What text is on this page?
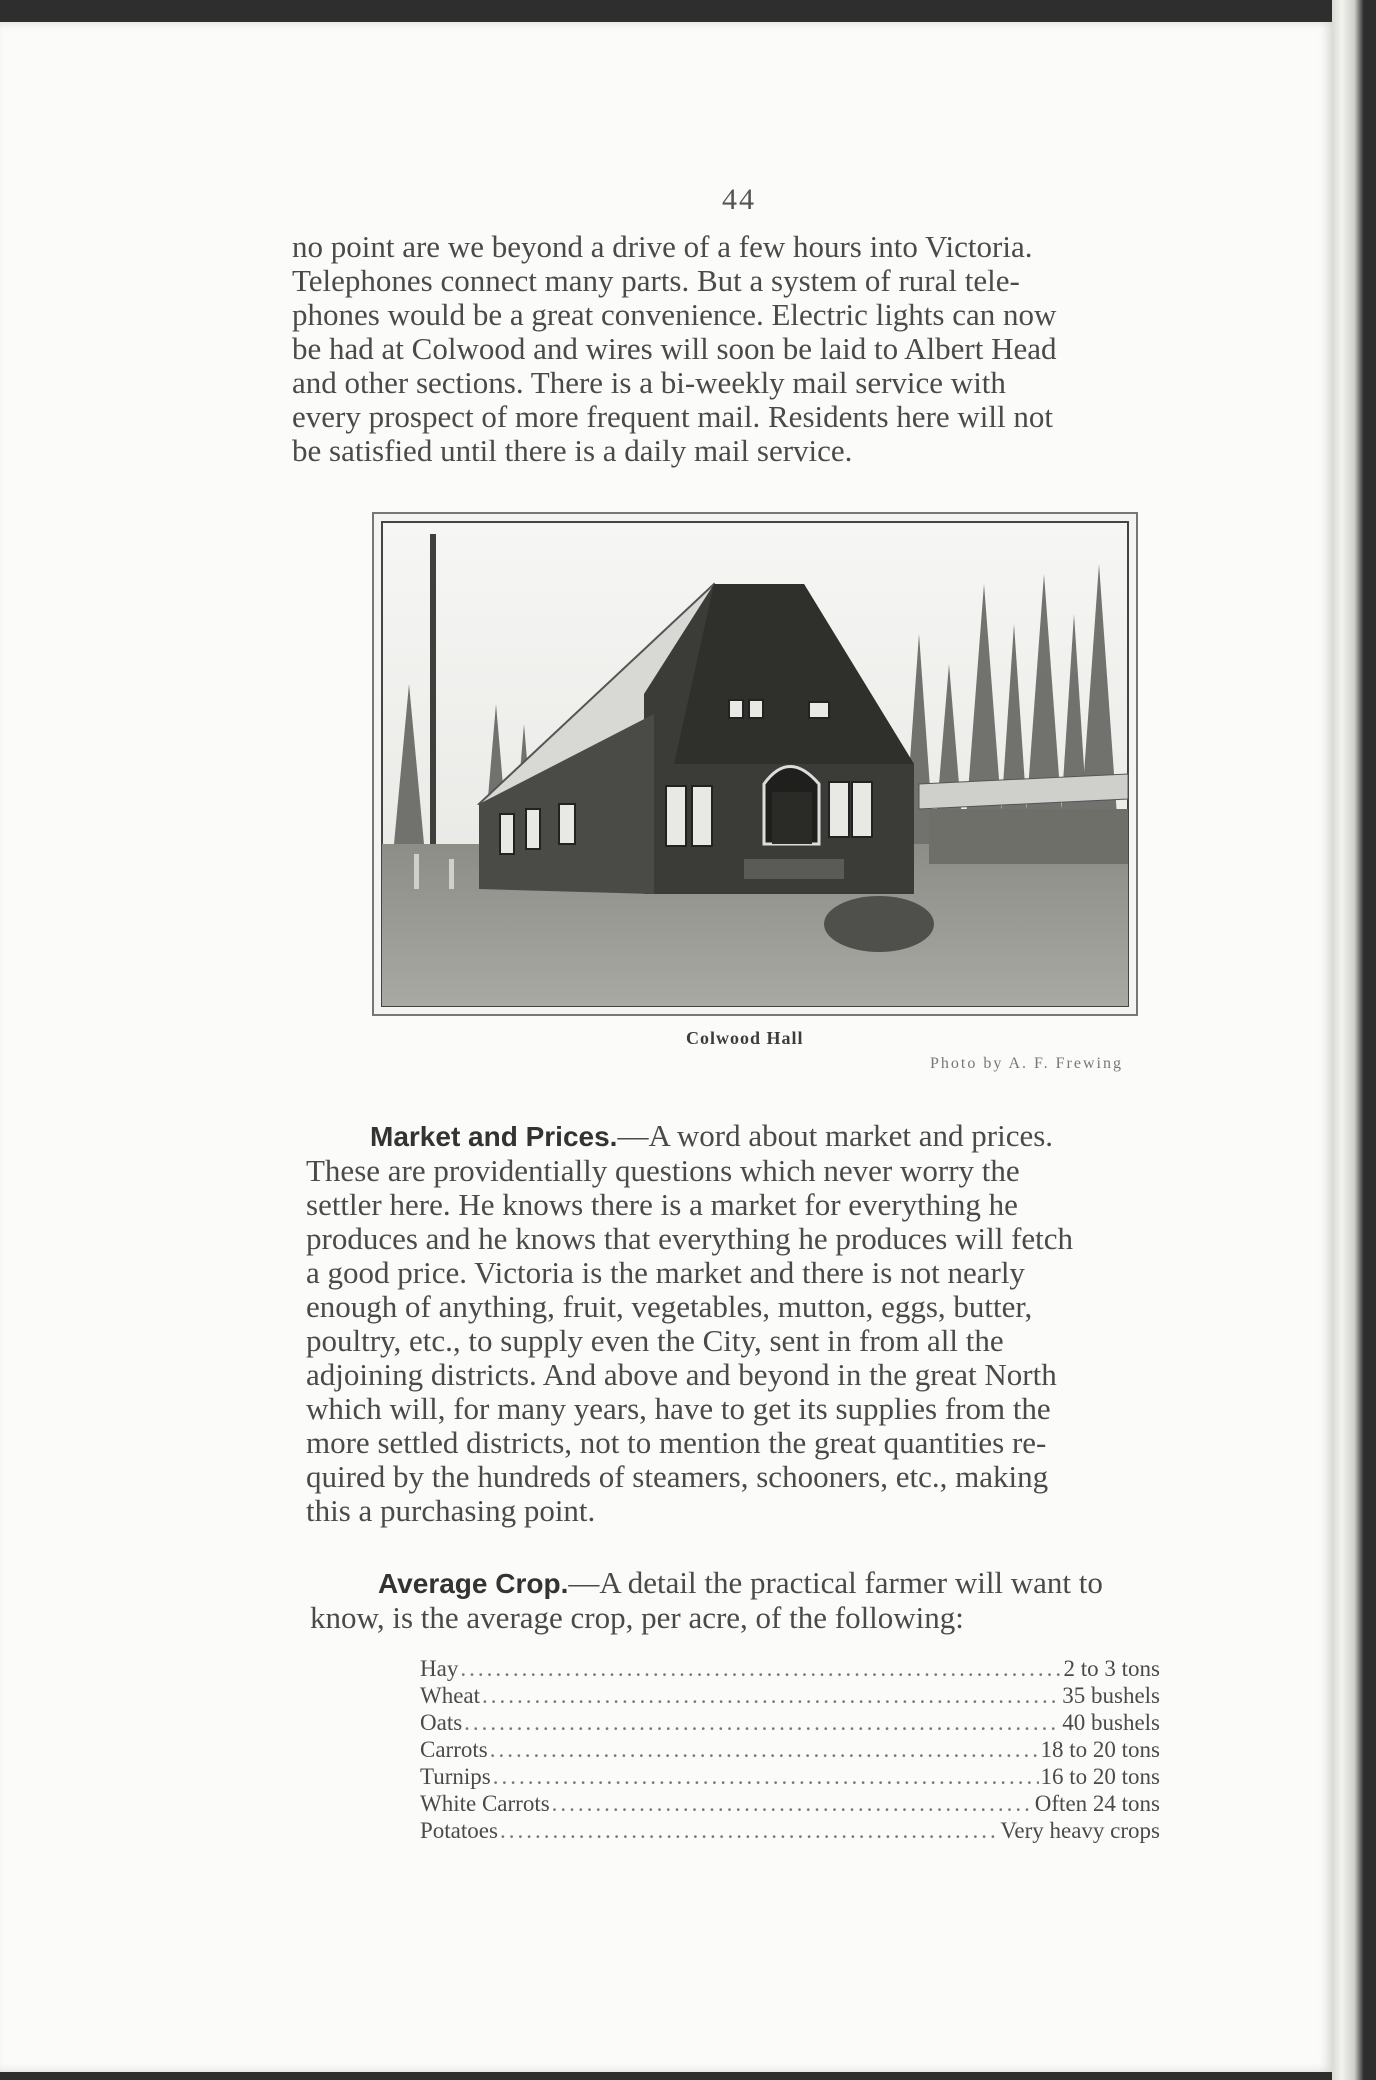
44
no point are we beyond a drive of a few hours into Victoria.
Telephones connect many parts. But a system of rural tele-
phones would be a great convenience. Electric lights can now
be had at Colwood and wires will soon be laid to Albert Head
and other sections. There is a bi-weekly mail service with
every prospect of more frequent mail. Residents here will not
be satisfied until there is a daily mail service.
Colwood Hall
Photo by A. F. Frewing
Market and Prices.—A word about market and prices.
These are providentially questions which never worry the
settler here. He knows there is a market for everything he
produces and he knows that everything he produces will fetch
a good price. Victoria is the market and there is not nearly
enough of anything, fruit, vegetables, mutton, eggs, butter,
poultry, etc., to supply even the City, sent in from all the
adjoining districts. And above and beyond in the great North
which will, for many years, have to get its supplies from the
more settled districts, not to mention the great quantities re-
quired by the hundreds of steamers, schooners, etc., making
this a purchasing point.
Average Crop.—A detail the practical farmer will want to
know, is the average crop, per acre, of the following:
Hay .....	2 to 3 tons
Wheat .....	35 bushels
Oats .....	40 bushels
Carrots .....	18 to 20 tons
Turnips .....	16 to 20 tons
White Carrots .....	Often 24 tons
Potatoes .....	Very heavy crops
